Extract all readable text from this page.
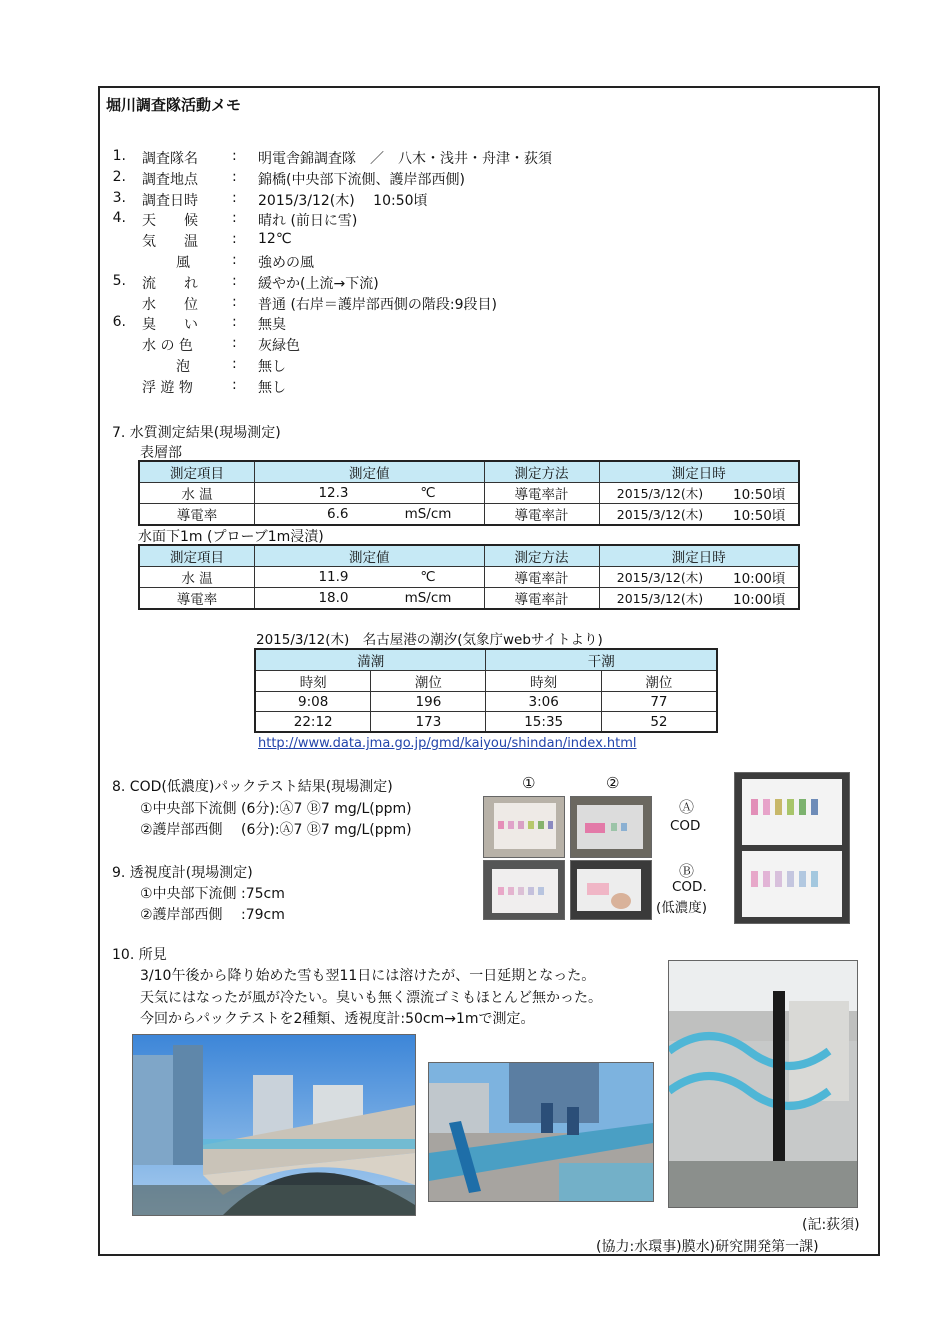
堀川調査隊活動メモ
1. 調査隊名 : 明電舎錦調査隊　／　八木・浅井・舟津・荻須
2. 調査地点 : 錦橋(中央部下流側、護岸部西側)
3. 調査日時 : 2015/3/12(木)　 10:50頃
4. 天　　候 : 晴れ (前日に雪)
気　　温 : 12℃
風	: 強めの風
5. 流　　れ : 緩やか(上流→下流)
水　　位 : 普通 (右岸＝護岸部西側の階段:9段目)
6. 臭　　い : 無臭
水 の 色	: 灰緑色
泡	: 無し
浮 遊 物	: 無し
7. 水質測定結果(現場測定)
表層部
測定項目	測定値		測定方法	測定日時	
水 温	12.3	℃	導電率計	2015/3/12(木)	10:50頃
導電率	6.6	mS/cm	導電率計	2015/3/12(木)	10:50頃
水面下1m (プローブ1m浸漬)
測定項目	測定値		測定方法	測定日時	
水 温	11.9	℃	導電率計	2015/3/12(木)	10:00頃
導電率	18.0	mS/cm	導電率計	2015/3/12(木)	10:00頃
2015/3/12(木)　名古屋港の潮汐(気象庁webサイトより)
満潮		干潮	
時刻	潮位	時刻	潮位
9:08	196	3:06	77
22:12	173	15:35	52
http://www.data.jma.go.jp/gmd/kaiyou/shindan/index.html
8. COD(低濃度)パックテスト結果(現場測定)
①中央部下流側 (6分):Ⓐ7 Ⓑ7 mg/L(ppm)
②護岸部西側 　(6分):Ⓐ7 Ⓑ7 mg/L(ppm)
9. 透視度計(現場測定)
①中央部下流側 :75cm
②護岸部西側 　:79cm
①	②
Ⓐ
COD
Ⓑ
COD.
(低濃度)
10. 所見
3/10午後から降り始めた雪も翌11日には溶けたが、一日延期となった。
天気にはなったが風が冷たい。臭いも無く漂流ゴミもほとんど無かった。
今回からパックテストを2種類、透視度計:50cm→1mで測定。
(記:荻須)
(協力:水環事)膜水)研究開発第一課)
